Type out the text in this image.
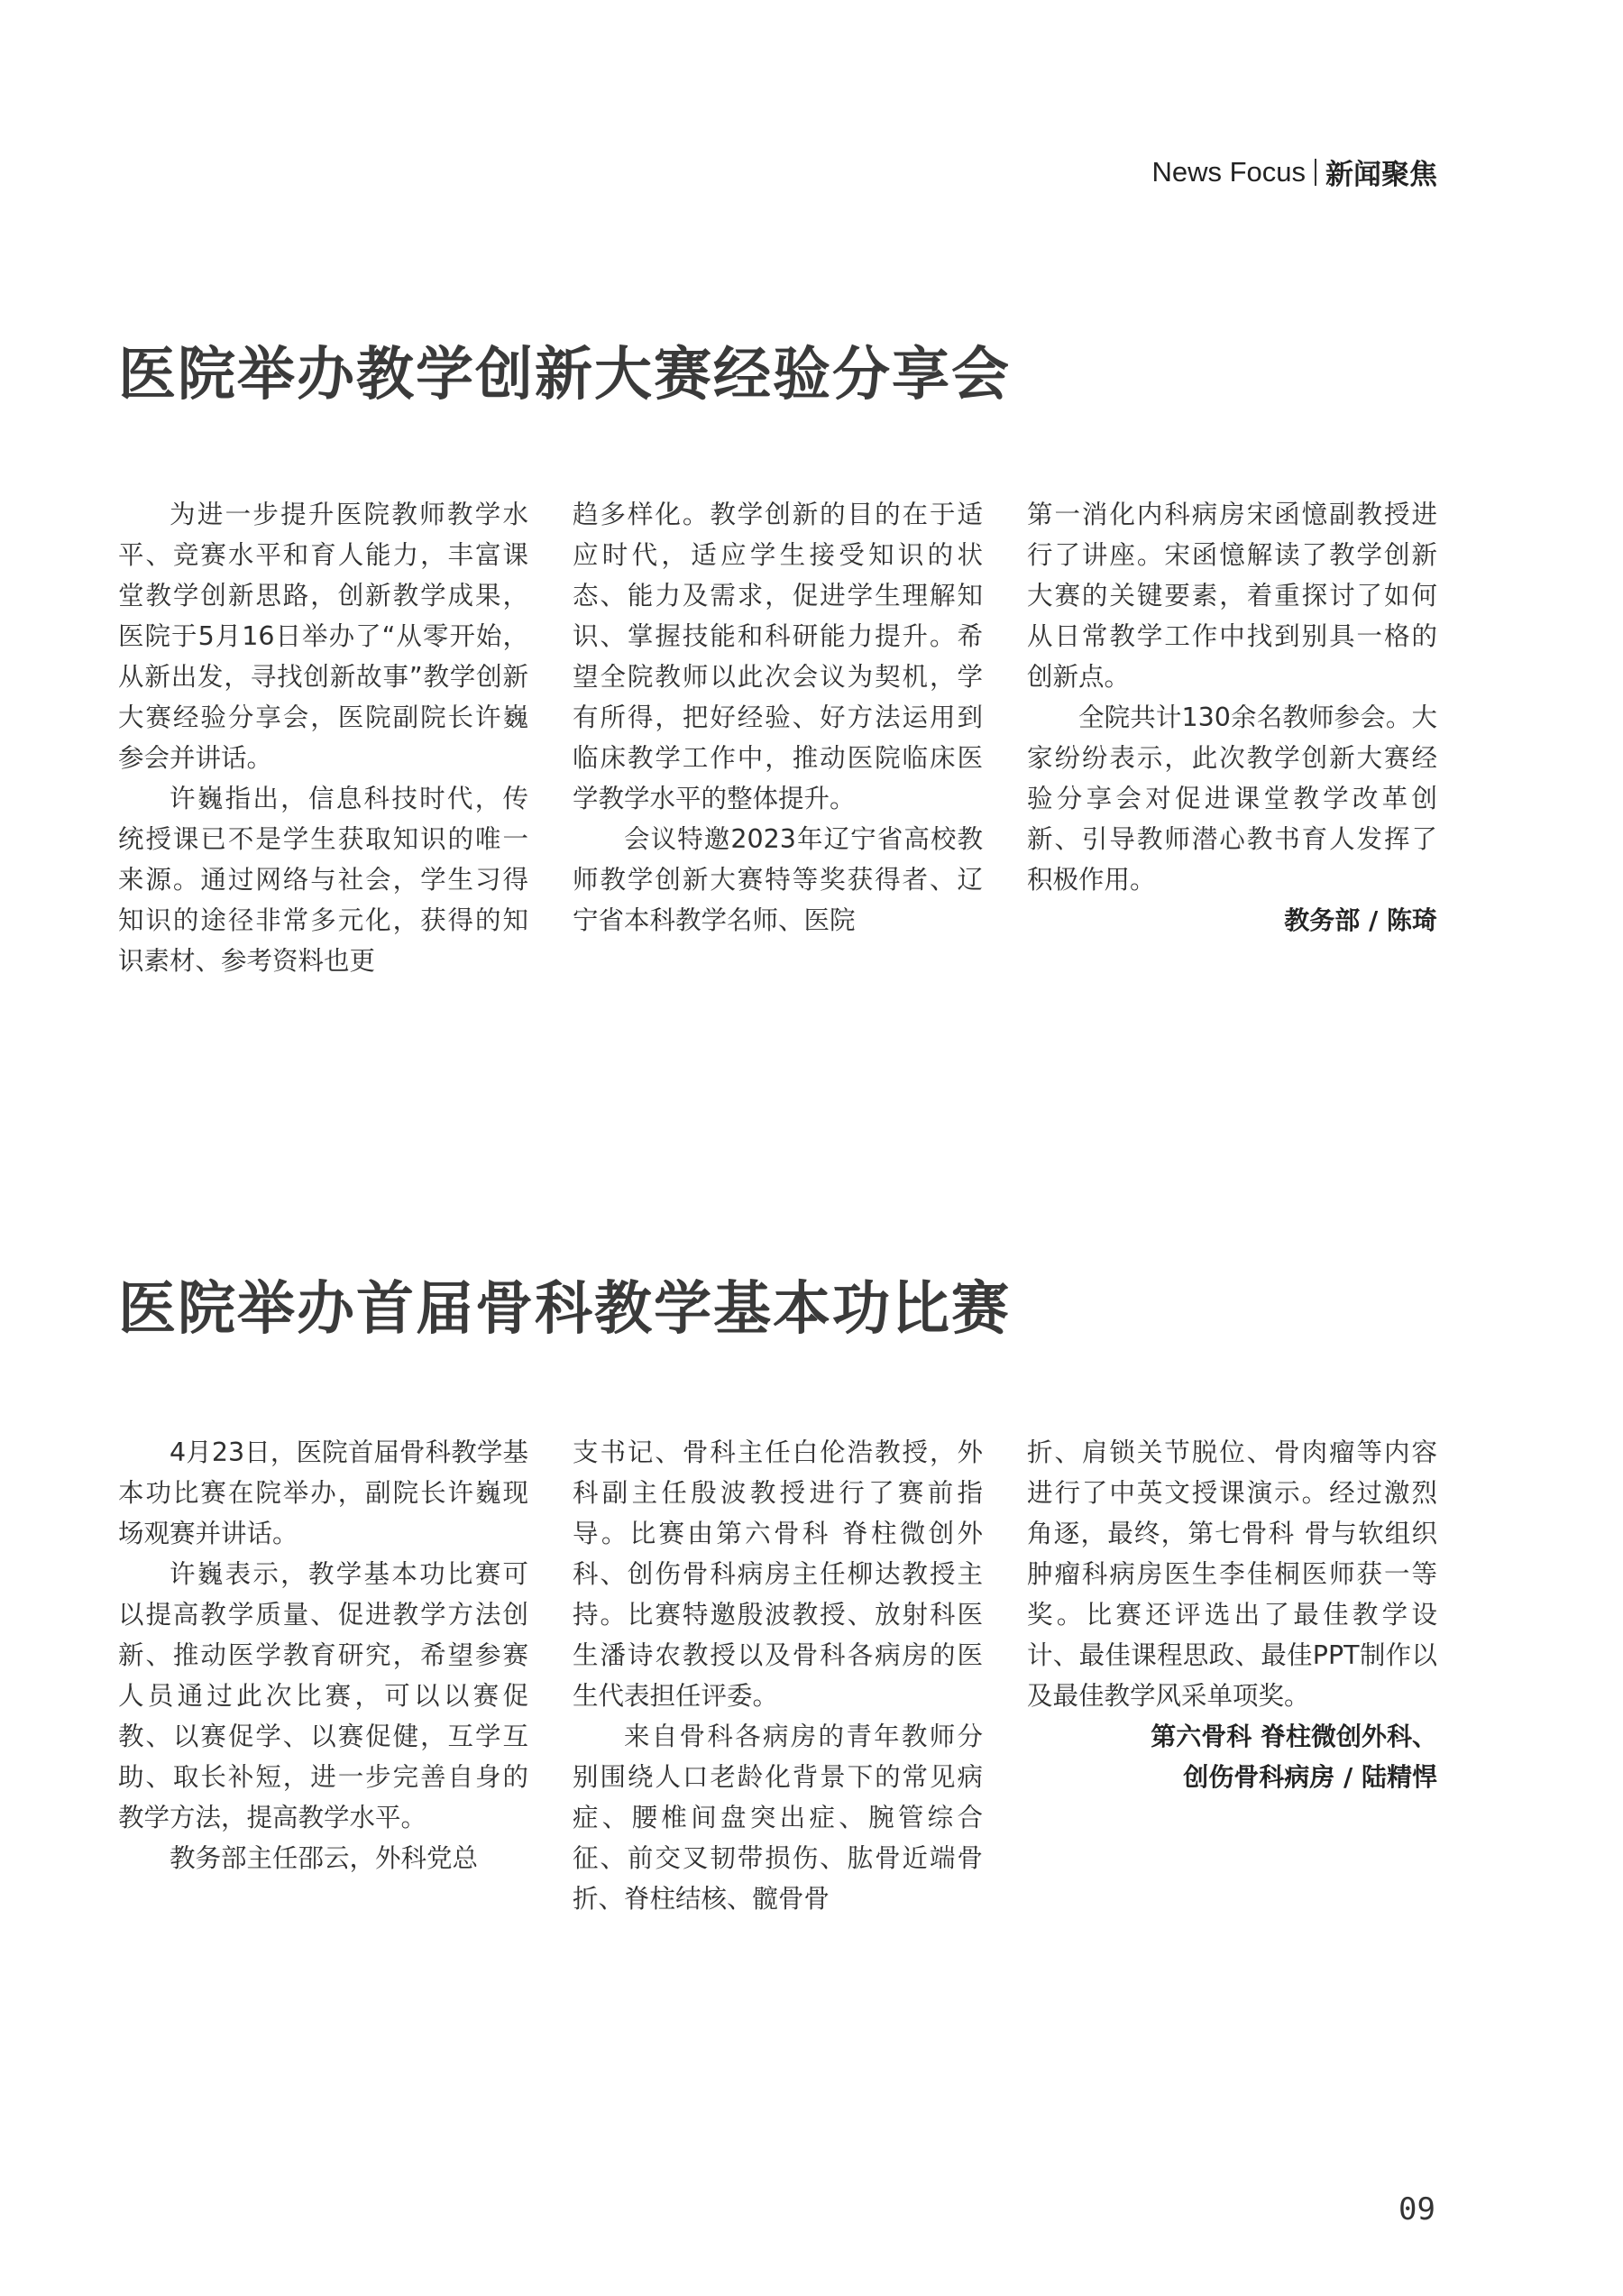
News Focus 新闻聚焦
医院举办教学创新大赛经验分享会

为进一步提升医院教师教学水平、竞赛水平和育人能力，丰富课堂教学创新思路，创新教学成果，医院于5月16日举办了“从零开始，从新出发，寻找创新故事”教学创新大赛经验分享会，医院副院长许巍参会并讲话。

许巍指出，信息科技时代，传统授课已不是学生获取知识的唯一来源。通过网络与社会，学生习得知识的途径非常多元化，获得的知识素材、参考资料也更

趋多样化。教学创新的目的在于适应时代，适应学生接受知识的状态、能力及需求，促进学生理解知识、掌握技能和科研能力提升。希望全院教师以此次会议为契机，学有所得，把好经验、好方法运用到临床教学工作中，推动医院临床医学教学水平的整体提升。

会议特邀2023年辽宁省高校教师教学创新大赛特等奖获得者、辽宁省本科教学名师、医院

第一消化内科病房宋函憶副教授进行了讲座。宋函憶解读了教学创新大赛的关键要素，着重探讨了如何从日常教学工作中找到别具一格的创新点。

全院共计130余名教师参会。大家纷纷表示，此次教学创新大赛经验分享会对促进课堂教学改革创新、引导教师潜心教书育人发挥了积极作用。

教务部 / 陈琦

医院举办首届骨科教学基本功比赛

4月23日，医院首届骨科教学基本功比赛在院举办，副院长许巍现场观赛并讲话。

许巍表示，教学基本功比赛可以提高教学质量、促进教学方法创新、推动医学教育研究，希望参赛人员通过此次比赛，可以以赛促教、以赛促学、以赛促健，互学互助、取长补短，进一步完善自身的教学方法，提高教学水平。

教务部主任邵云，外科党总

支书记、骨科主任白伦浩教授，外科副主任殷波教授进行了赛前指导。比赛由第六骨科 脊柱微创外科、创伤骨科病房主任柳达教授主持。比赛特邀殷波教授、放射科医生潘诗农教授以及骨科各病房的医生代表担任评委。

来自骨科各病房的青年教师分别围绕人口老龄化背景下的常见病症、腰椎间盘突出症、腕管综合征、前交叉韧带损伤、肱骨近端骨折、脊柱结核、髋骨骨

折、肩锁关节脱位、骨肉瘤等内容进行了中英文授课演示。经过激烈角逐，最终，第七骨科 骨与软组织肿瘤科病房医生李佳桐医师获一等奖。比赛还评选出了最佳教学设计、最佳课程思政、最佳PPT制作以及最佳教学风采单项奖。

第六骨科 脊柱微创外科、

创伤骨科病房 / 陆精悍

09
